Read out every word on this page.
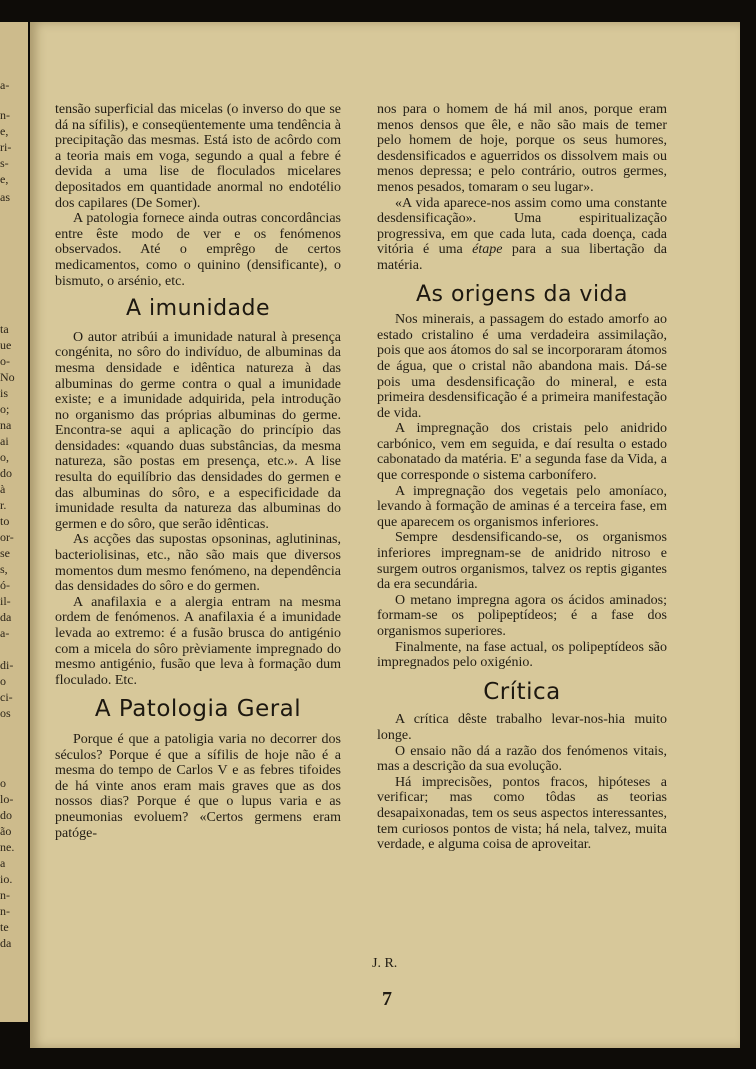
a-
n-
e,
ri-
s-
e,
as
ta
ue
o-
No
is
o;
na
ai
o,
do
à
r.
to
or-
se
s,
ó-
il-
da
a-
di-
o
ci-
os
o
lo-
do
ão
ne.
a
io.
n-
n-
te
da

tensão superficial das micelas (o inverso do que se dá na sífilis), e conseqüentemente uma tendência à precipitação das mesmas. Está isto de acôrdo com a teoria mais em voga, segundo a qual a febre é devida a uma lise de floculados micelares depositados em quantidade anormal no endotélio dos capilares (De Somer).

A patologia fornece ainda outras concordâncias entre êste modo de ver e os fenómenos observados. Até o emprêgo de certos medicamentos, como o quinino (densificante), o bismuto, o arsénio, etc.

A imunidade

O autor atribúi a imunidade natural à presença congénita, no sôro do indivíduo, de albuminas da mesma densidade e idêntica natureza à das albuminas do germe contra o qual a imunidade existe; e a imunidade adquirida, pela introdução no organismo das próprias albuminas do germe. Encontra-se aqui a aplicação do princípio das densidades: «quando duas substâncias, da mesma natureza, são postas em presença, etc.». A lise resulta do equilíbrio das densidades do germen e das albuminas do sôro, e a especificidade da imunidade resulta da natureza das albuminas do germen e do sôro, que serão idênticas.

As acções das supostas opsoninas, aglutininas, bacteriolisinas, etc., não são mais que diversos momentos dum mesmo fenómeno, na dependência das densidades do sôro e do germen.

A anafilaxia e a alergia entram na mesma ordem de fenómenos. A anafilaxia é a imunidade levada ao extremo: é a fusão brusca do antigénio com a micela do sôro prèviamente impregnado do mesmo antigénio, fusão que leva à formação dum floculado. Etc.

A Patologia Geral

Porque é que a patoligia varia no decorrer dos séculos? Porque é que a sífilis de hoje não é a mesma do tempo de Carlos V e as febres tifoides de há vinte anos eram mais graves que as dos nossos dias? Porque é que o lupus varia e as pneumonias evoluem? «Certos germens eram patóge-

nos para o homem de há mil anos, porque eram menos densos que êle, e não são mais de temer pelo homem de hoje, porque os seus humores, desdensificados e aguerridos os dissolvem mais ou menos depressa; e pelo contrário, outros germes, menos pesados, tomaram o seu lugar».

«A vida aparece-nos assim como uma constante desdensificação». Uma espiritualização progressiva, em que cada luta, cada doença, cada vitória é uma étape para a sua libertação da matéria.

As origens da vida

Nos minerais, a passagem do estado amorfo ao estado cristalino é uma verdadeira assimilação, pois que aos átomos do sal se incorporaram átomos de água, que o cristal não abandona mais. Dá-se pois uma desdensificação do mineral, e esta primeira desdensificação é a primeira manifestação de vida.

A impregnação dos cristais pelo anidrido carbónico, vem em seguida, e daí resulta o estado cabonatado da matéria. E' a segunda fase da Vida, a que corresponde o sistema carbonífero.

A impregnação dos vegetais pelo amoníaco, levando à formação de aminas é a terceira fase, em que aparecem os organismos inferiores.

Sempre desdensificando-se, os organismos inferiores impregnam-se de anidrido nitroso e surgem outros organismos, talvez os reptis gigantes da era secundária.

O metano impregna agora os ácidos aminados; formam-se os polipeptídeos; é a fase dos organismos superiores.

Finalmente, na fase actual, os polipeptídeos são impregnados pelo oxigénio.

Crítica

A crítica dêste trabalho levar-nos-hia muito longe.

O ensaio não dá a razão dos fenómenos vitais, mas a descrição da sua evolução.

Há imprecisões, pontos fracos, hipóteses a verificar; mas como tôdas as teorias desapaixonadas, tem os seus aspectos interessantes, tem curiosos pontos de vista; há nela, talvez, muita verdade, e alguma coisa de aproveitar.

J. R.
7
